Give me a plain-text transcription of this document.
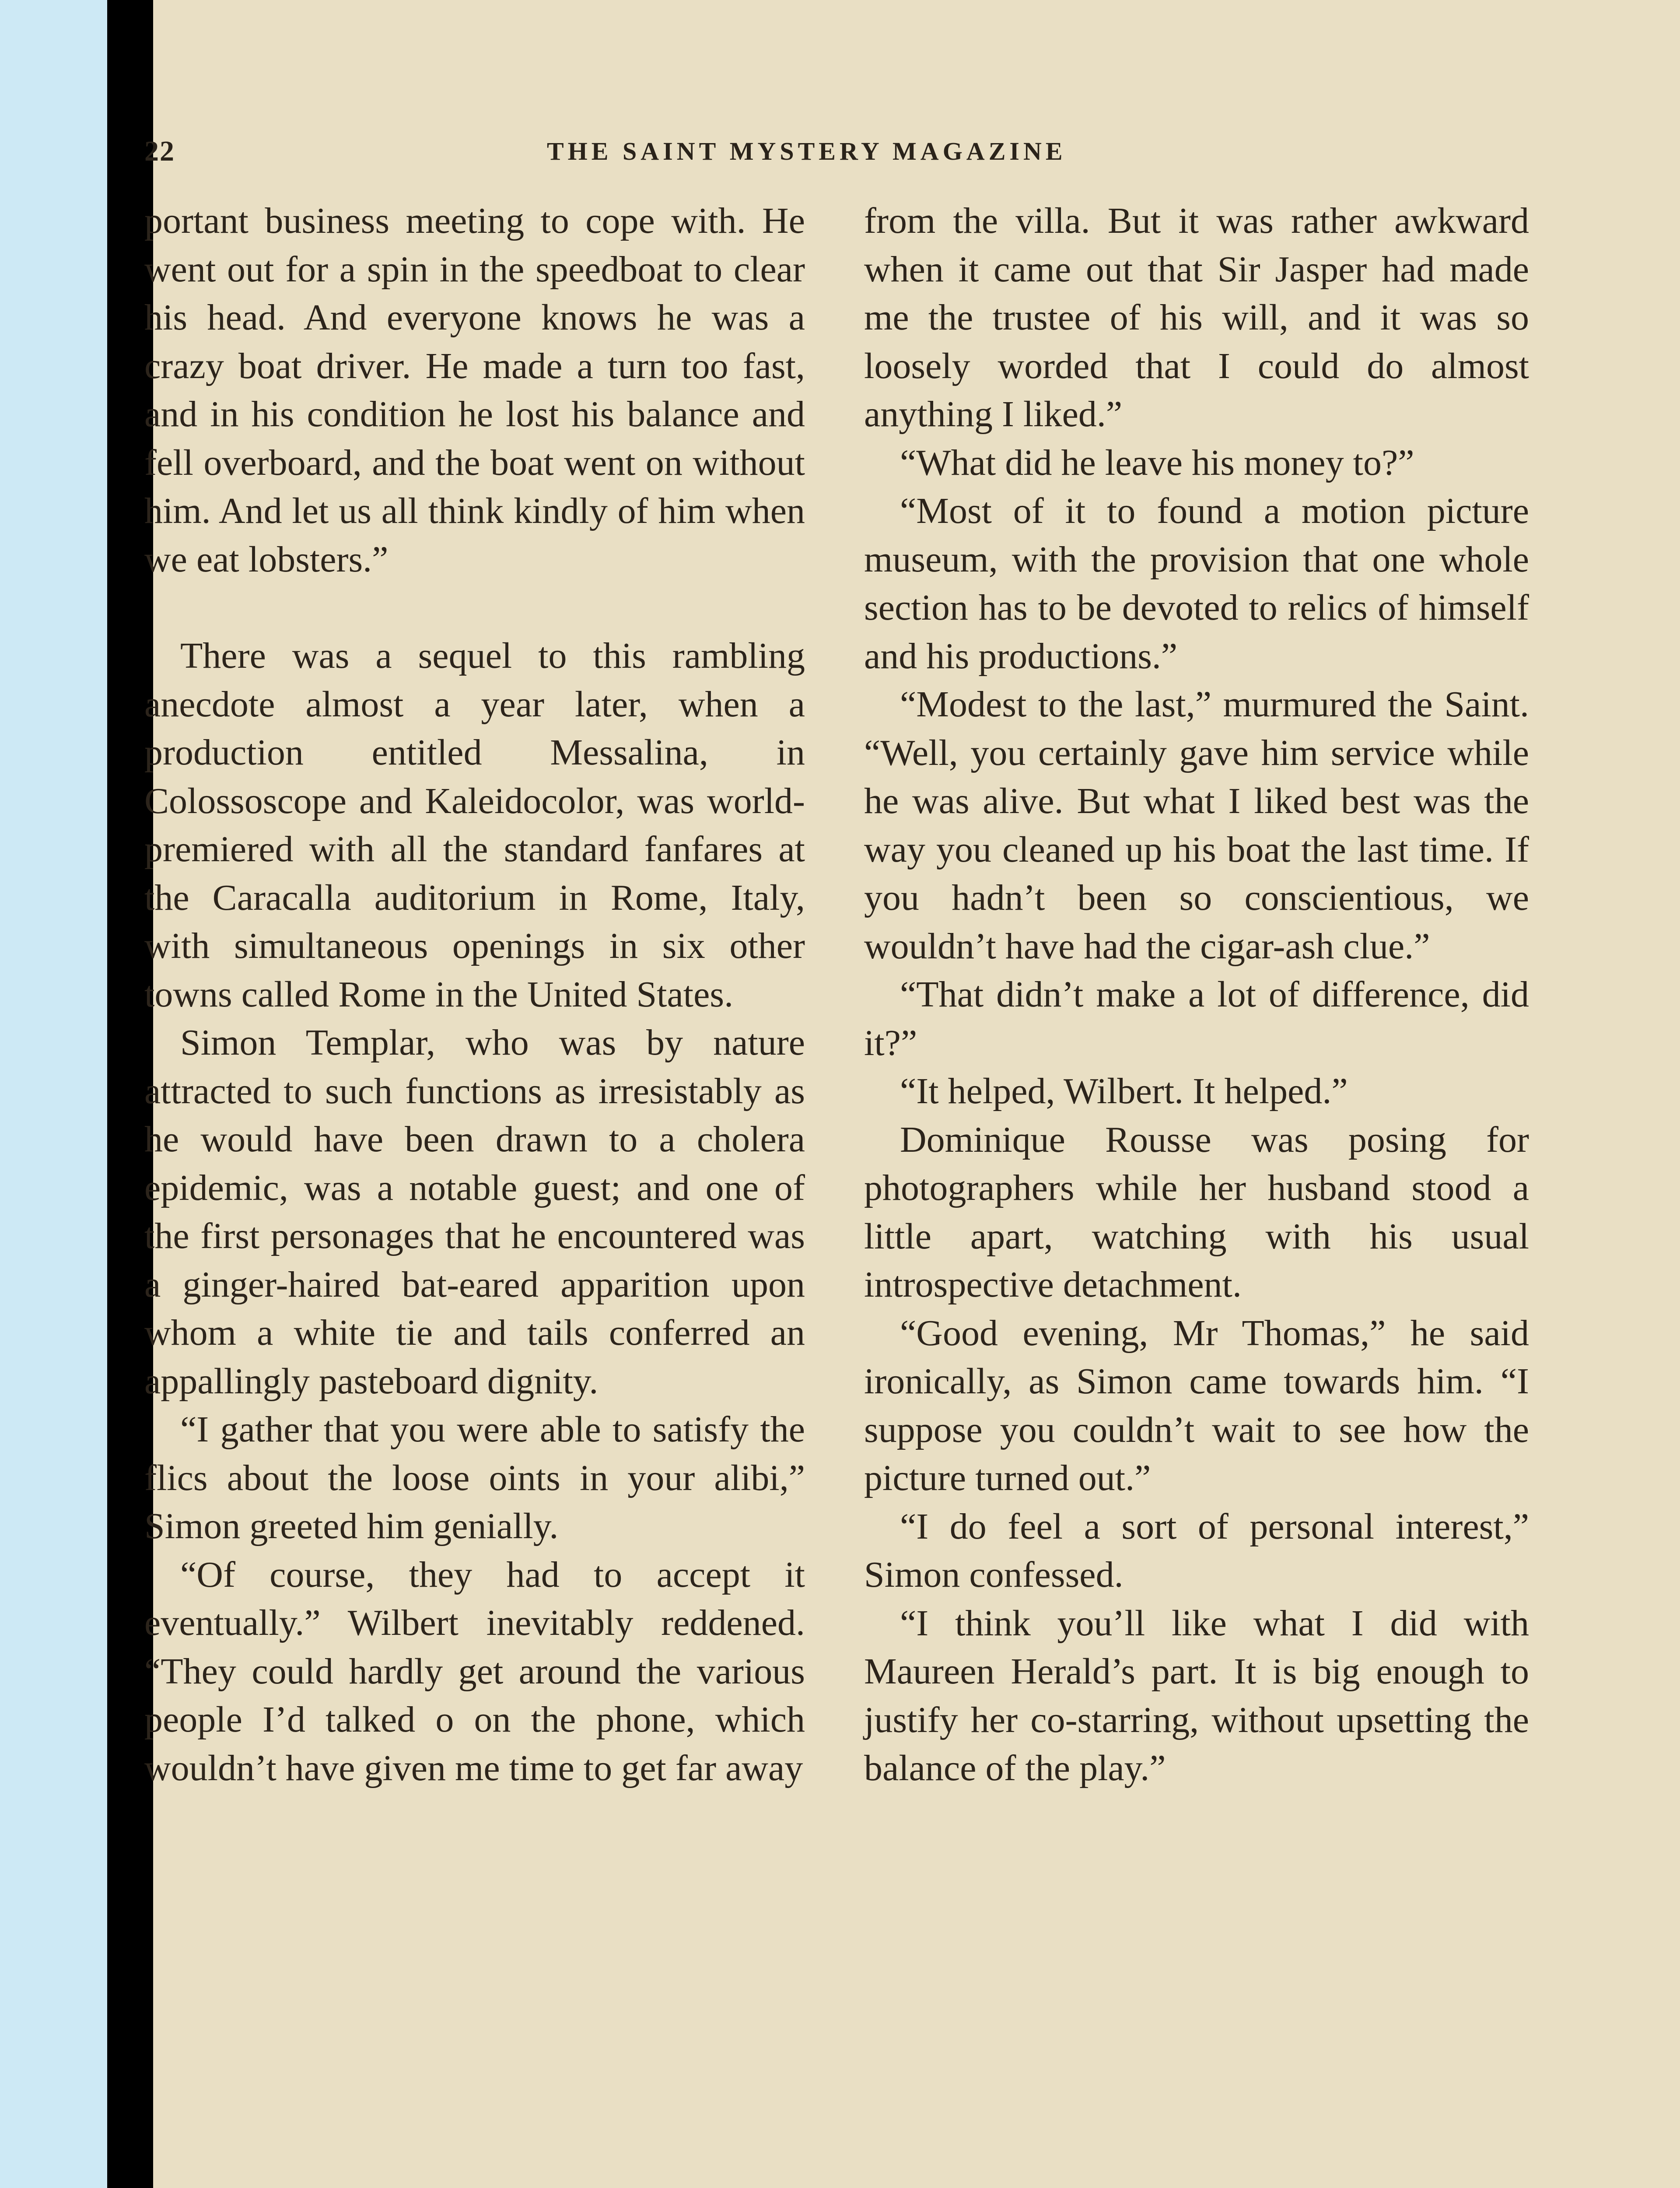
22	THE SAINT MYSTERY MAGAZINE

portant business meeting to cope with. He went out for a spin in the speedboat to clear his head. And everyone knows he was a crazy boat driver. He made a turn too fast, and in his condition he lost his balance and fell overboard, and the boat went on without him. And let us all think kindly of him when we eat lobsters.”

There was a sequel to this rambling anecdote almost a year later, when a production entitled Messalina, in Colossoscope and Kaleidocolor, was world-premiered with all the standard fanfares at the Caracalla auditorium in Rome, Italy, with simultaneous openings in six other towns called Rome in the United States.

Simon Templar, who was by nature attracted to such functions as irresistably as he would have been drawn to a cholera epidemic, was a notable guest; and one of the first personages that he encountered was a ginger-haired bat-eared apparition upon whom a white tie and tails conferred an appallingly pasteboard dignity.

“I gather that you were able to satisfy the flics about the loose oints in your alibi,” Simon greeted him genially.

“Of course, they had to accept it eventually.” Wilbert inevitably reddened. “They could hardly get around the various people I’d talked o on the phone, which wouldn’t have given me time to get far away

from the villa. But it was rather awkward when it came out that Sir Jasper had made me the trustee of his will, and it was so loosely worded that I could do almost anything I liked.”

“What did he leave his money to?”

“Most of it to found a motion picture museum, with the provision that one whole section has to be devoted to relics of himself and his productions.”

“Modest to the last,” murmured the Saint. “Well, you certainly gave him service while he was alive. But what I liked best was the way you cleaned up his boat the last time. If you hadn’t been so conscientious, we wouldn’t have had the cigar-ash clue.”

“That didn’t make a lot of difference, did it?”

“It helped, Wilbert. It helped.”

Dominique Rousse was posing for photographers while her husband stood a little apart, watching with his usual introspective detachment.

“Good evening, Mr Thomas,” he said ironically, as Simon came towards him. “I suppose you couldn’t wait to see how the picture turned out.”

“I do feel a sort of personal interest,” Simon confessed.

“I think you’ll like what I did with Maureen Herald’s part. It is big enough to justify her co-starring, without upsetting the balance of the play.”
